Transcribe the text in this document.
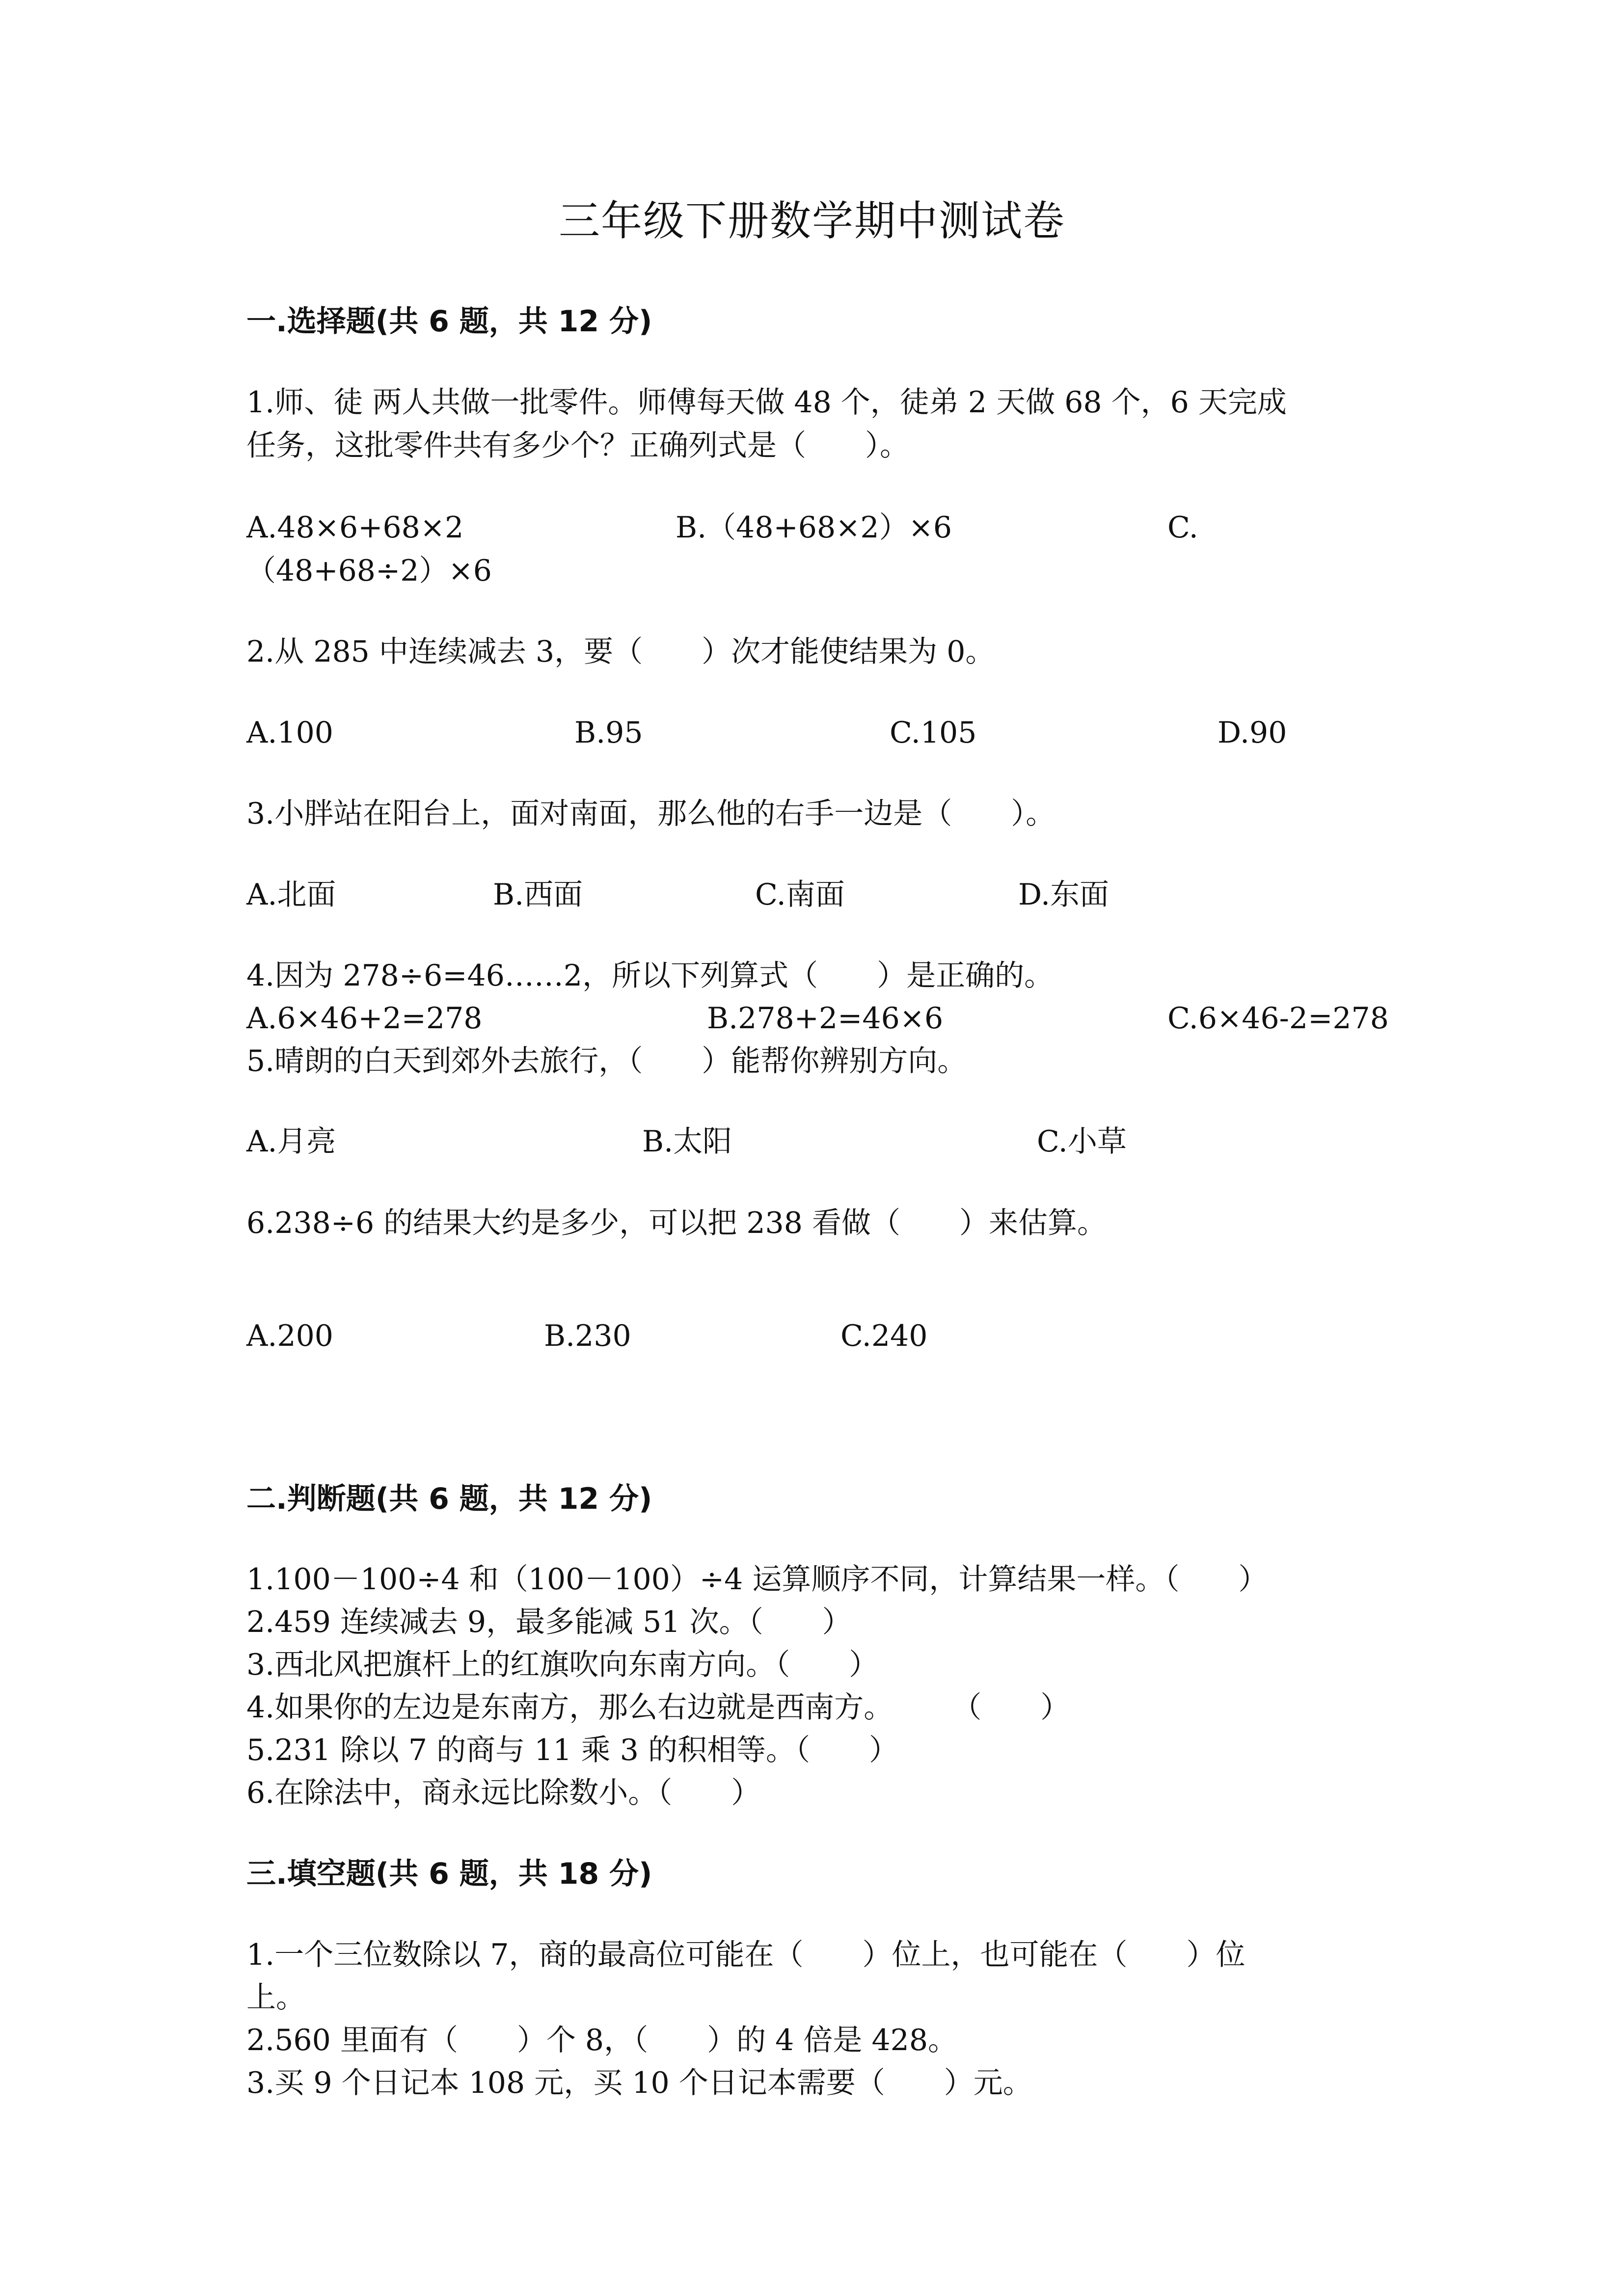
三年级下册数学期中测试卷
一.选择题(共 6 题，共 12 分)
1.师、徒 两人共做一批零件。师傅每天做 48 个，徒弟 2 天做 68 个，6 天完成
任务，这批零件共有多少个？正确列式是（　　）。
A.48×6+68×2	B.（48+68×2）×6	C.
（48+68÷2）×6
2.从 285 中连续减去 3，要（　　）次才能使结果为 0。
A.100	B.95	C.105	D.90
3.小胖站在阳台上，面对南面，那么他的右手一边是（　　）。
A.北面	B.西面	C.南面	D.东面
4.因为 278÷6=46……2，所以下列算式（　　）是正确的。
A.6×46+2=278	B.278+2=46×6	C.6×46-2=278
5.晴朗的白天到郊外去旅行，（　　）能帮你辨别方向。
A.月亮	B.太阳	C.小草
6.238÷6 的结果大约是多少，可以把 238 看做（　　）来估算。
A.200	B.230	C.240
二.判断题(共 6 题，共 12 分)
1.100－100÷4 和（100－100）÷4 运算顺序不同，计算结果一样。（　　）
2.459 连续减去 9，最多能减 51 次。（　　）
3.西北风把旗杆上的红旗吹向东南方向。（　　）
4.如果你的左边是东南方，那么右边就是西南方。　　　（　　）
5.231 除以 7 的商与 11 乘 3 的积相等。（　　）
6.在除法中，商永远比除数小。（　　）
三.填空题(共 6 题，共 18 分)
1.一个三位数除以 7，商的最高位可能在（　　）位上，也可能在（　　）位
上。
2.560 里面有（　　）个 8，（　　）的 4 倍是 428。
3.买 9 个日记本 108 元，买 10 个日记本需要（　　）元。
